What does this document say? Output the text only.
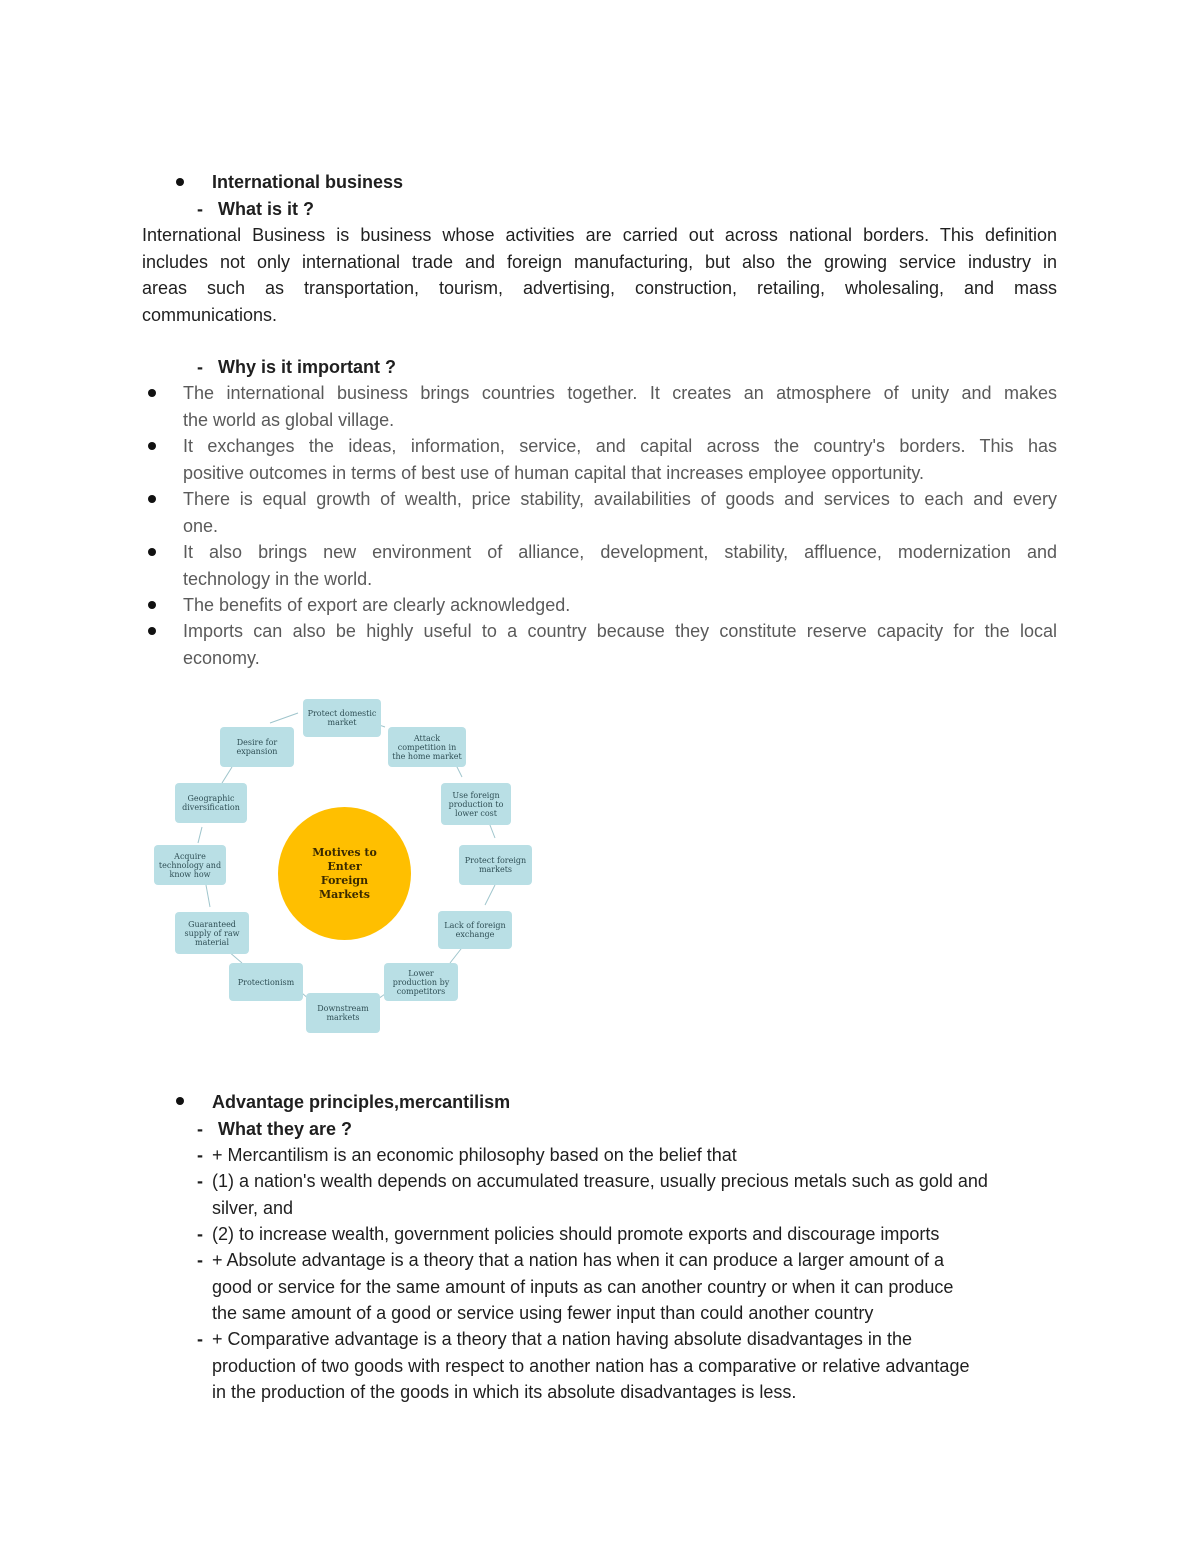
International business
- What is it ?
International Business is business whose activities are carried out across national borders. This definition
includes not only international trade and foreign manufacturing, but also the growing service industry in
areas such as transportation, tourism, advertising, construction, retailing, wholesaling, and mass
communications.
- Why is it important ?
The international business brings countries together. It creates an atmosphere of unity and makes
the world as global village.
It exchanges the ideas, information, service, and capital across the country's borders. This has
positive outcomes in terms of best use of human capital that increases employee opportunity.
There is equal growth of wealth, price stability, availabilities of goods and services to each and every
one.
It also brings new environment of alliance, development, stability, affluence, modernization and
technology in the world.
The benefits of export are clearly acknowledged.
Imports can also be highly useful to a country because they constitute reserve capacity for the local
economy.
Motives to Enter Foreign Markets
Protect domestic market
Attack competition in the home market
Use foreign production to lower cost
Protect foreign markets
Lack of foreign exchange
Lower production by competitors
Downstream markets
Protectionism
Guaranteed supply of raw material
Acquire technology and know how
Geographic diversification
Desire for expansion
Advantage principles,mercantilism
- What they are ?
- + Mercantilism is an economic philosophy based on the belief that
- (1) a nation's wealth depends on accumulated treasure, usually precious metals such as gold and
silver, and
- (2) to increase wealth, government policies should promote exports and discourage imports
- + Absolute advantage is a theory that a nation has when it can produce a larger amount of a
good or service for the same amount of inputs as can another country or when it can produce
the same amount of a good or service using fewer input than could another country
- + Comparative advantage is a theory that a nation having absolute disadvantages in the
production of two goods with respect to another nation has a comparative or relative advantage
in the production of the goods in which its absolute disadvantages is less.
